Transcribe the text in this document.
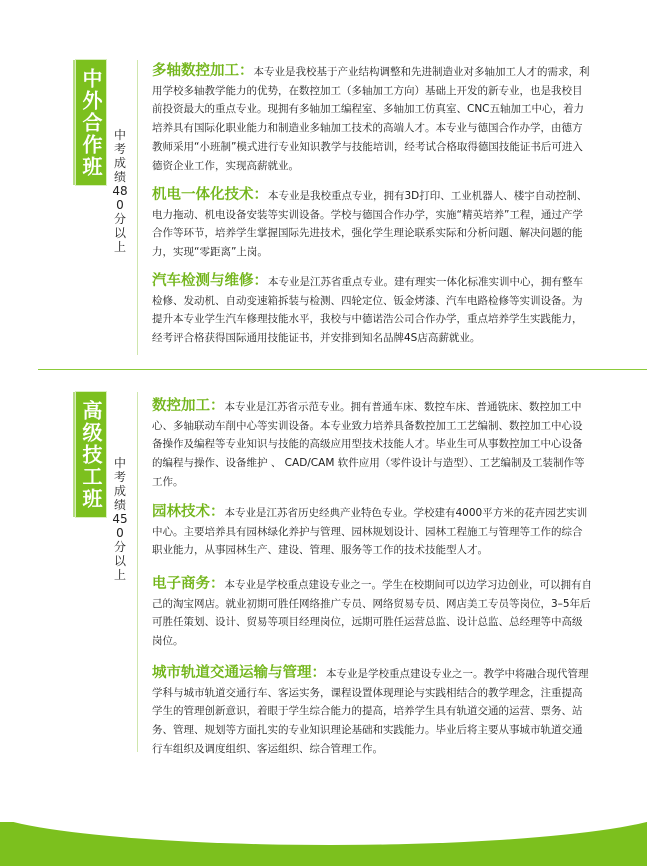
中外合作班 中考成绩480分以上
多轴数控加工：本专业是我校基于产业结构调整和先进制造业对多轴加工人才的需求，利用学校多轴教学能力的优势，在数控加工（多轴加工方向）基础上开发的新专业，也是我校目前投资最大的重点专业。现拥有多轴加工编程室、多轴加工仿真室、CNC五轴加工中心，着力培养具有国际化职业能力和制造业多轴加工技术的高端人才。本专业与德国合作办学，由德方教师采用“小班制”模式进行专业知识教学与技能培训，经考试合格取得德国技能证书后可进入德资企业工作，实现高薪就业。
机电一体化技术：本专业是我校重点专业，拥有3D打印、工业机器人、楼宇自动控制、电力拖动、机电设备安装等实训设备。学校与德国合作办学，实施“精英培养”工程，通过产学合作等环节，培养学生掌握国际先进技术，强化学生理论联系实际和分析问题、解决问题的能力，实现“零距离”上岗。
汽车检测与维修：本专业是江苏省重点专业。建有理实一体化标准实训中心，拥有整车检修、发动机、自动变速箱拆装与检测、四轮定位、钣金烤漆、汽车电路检修等实训设备。为提升本专业学生汽车修理技能水平，我校与中德诺浩公司合作办学，重点培养学生实践能力，经考评合格获得国际通用技能证书，并安排到知名品牌4S店高薪就业。
高级技工班 中考成绩450分以上
数控加工：本专业是江苏省示范专业。拥有普通车床、数控车床、普通铣床、数控加工中心、多轴联动车削中心等实训设备。本专业致力培养具备数控加工工艺编制、数控加工中心设备操作及编程等专业知识与技能的高级应用型技术技能人才。毕业生可从事数控加工中心设备的编程与操作、设备维护 、 CAD/CAM 软件应用（零件设计与造型）、工艺编制及工装制作等工作。
园林技术：本专业是江苏省历史经典产业特色专业。学校建有4000平方米的花卉园艺实训中心。主要培养具有园林绿化养护与管理、园林规划设计、园林工程施工与管理等工作的综合职业能力，从事园林生产、建设、管理、服务等工作的技术技能型人才。
电子商务：本专业是学校重点建设专业之一。学生在校期间可以边学习边创业，可以拥有自己的淘宝网店。就业初期可胜任网络推广专员、网络贸易专员、网店美工专员等岗位，3–5年后可胜任策划、设计、贸易等项目经理岗位，远期可胜任运营总监、设计总监、总经理等中高级岗位。
城市轨道交通运输与管理：本专业是学校重点建设专业之一。教学中将融合现代管理学科与城市轨道交通行车、客运实务，课程设置体现理论与实践相结合的教学理念，注重提高学生的管理创新意识，着眼于学生综合能力的提高，培养学生具有轨道交通的运营、票务、站务、管理、规划等方面扎实的专业知识理论基础和实践能力。毕业后将主要从事城市轨道交通行车组织及调度组织、客运组织、综合管理工作。
